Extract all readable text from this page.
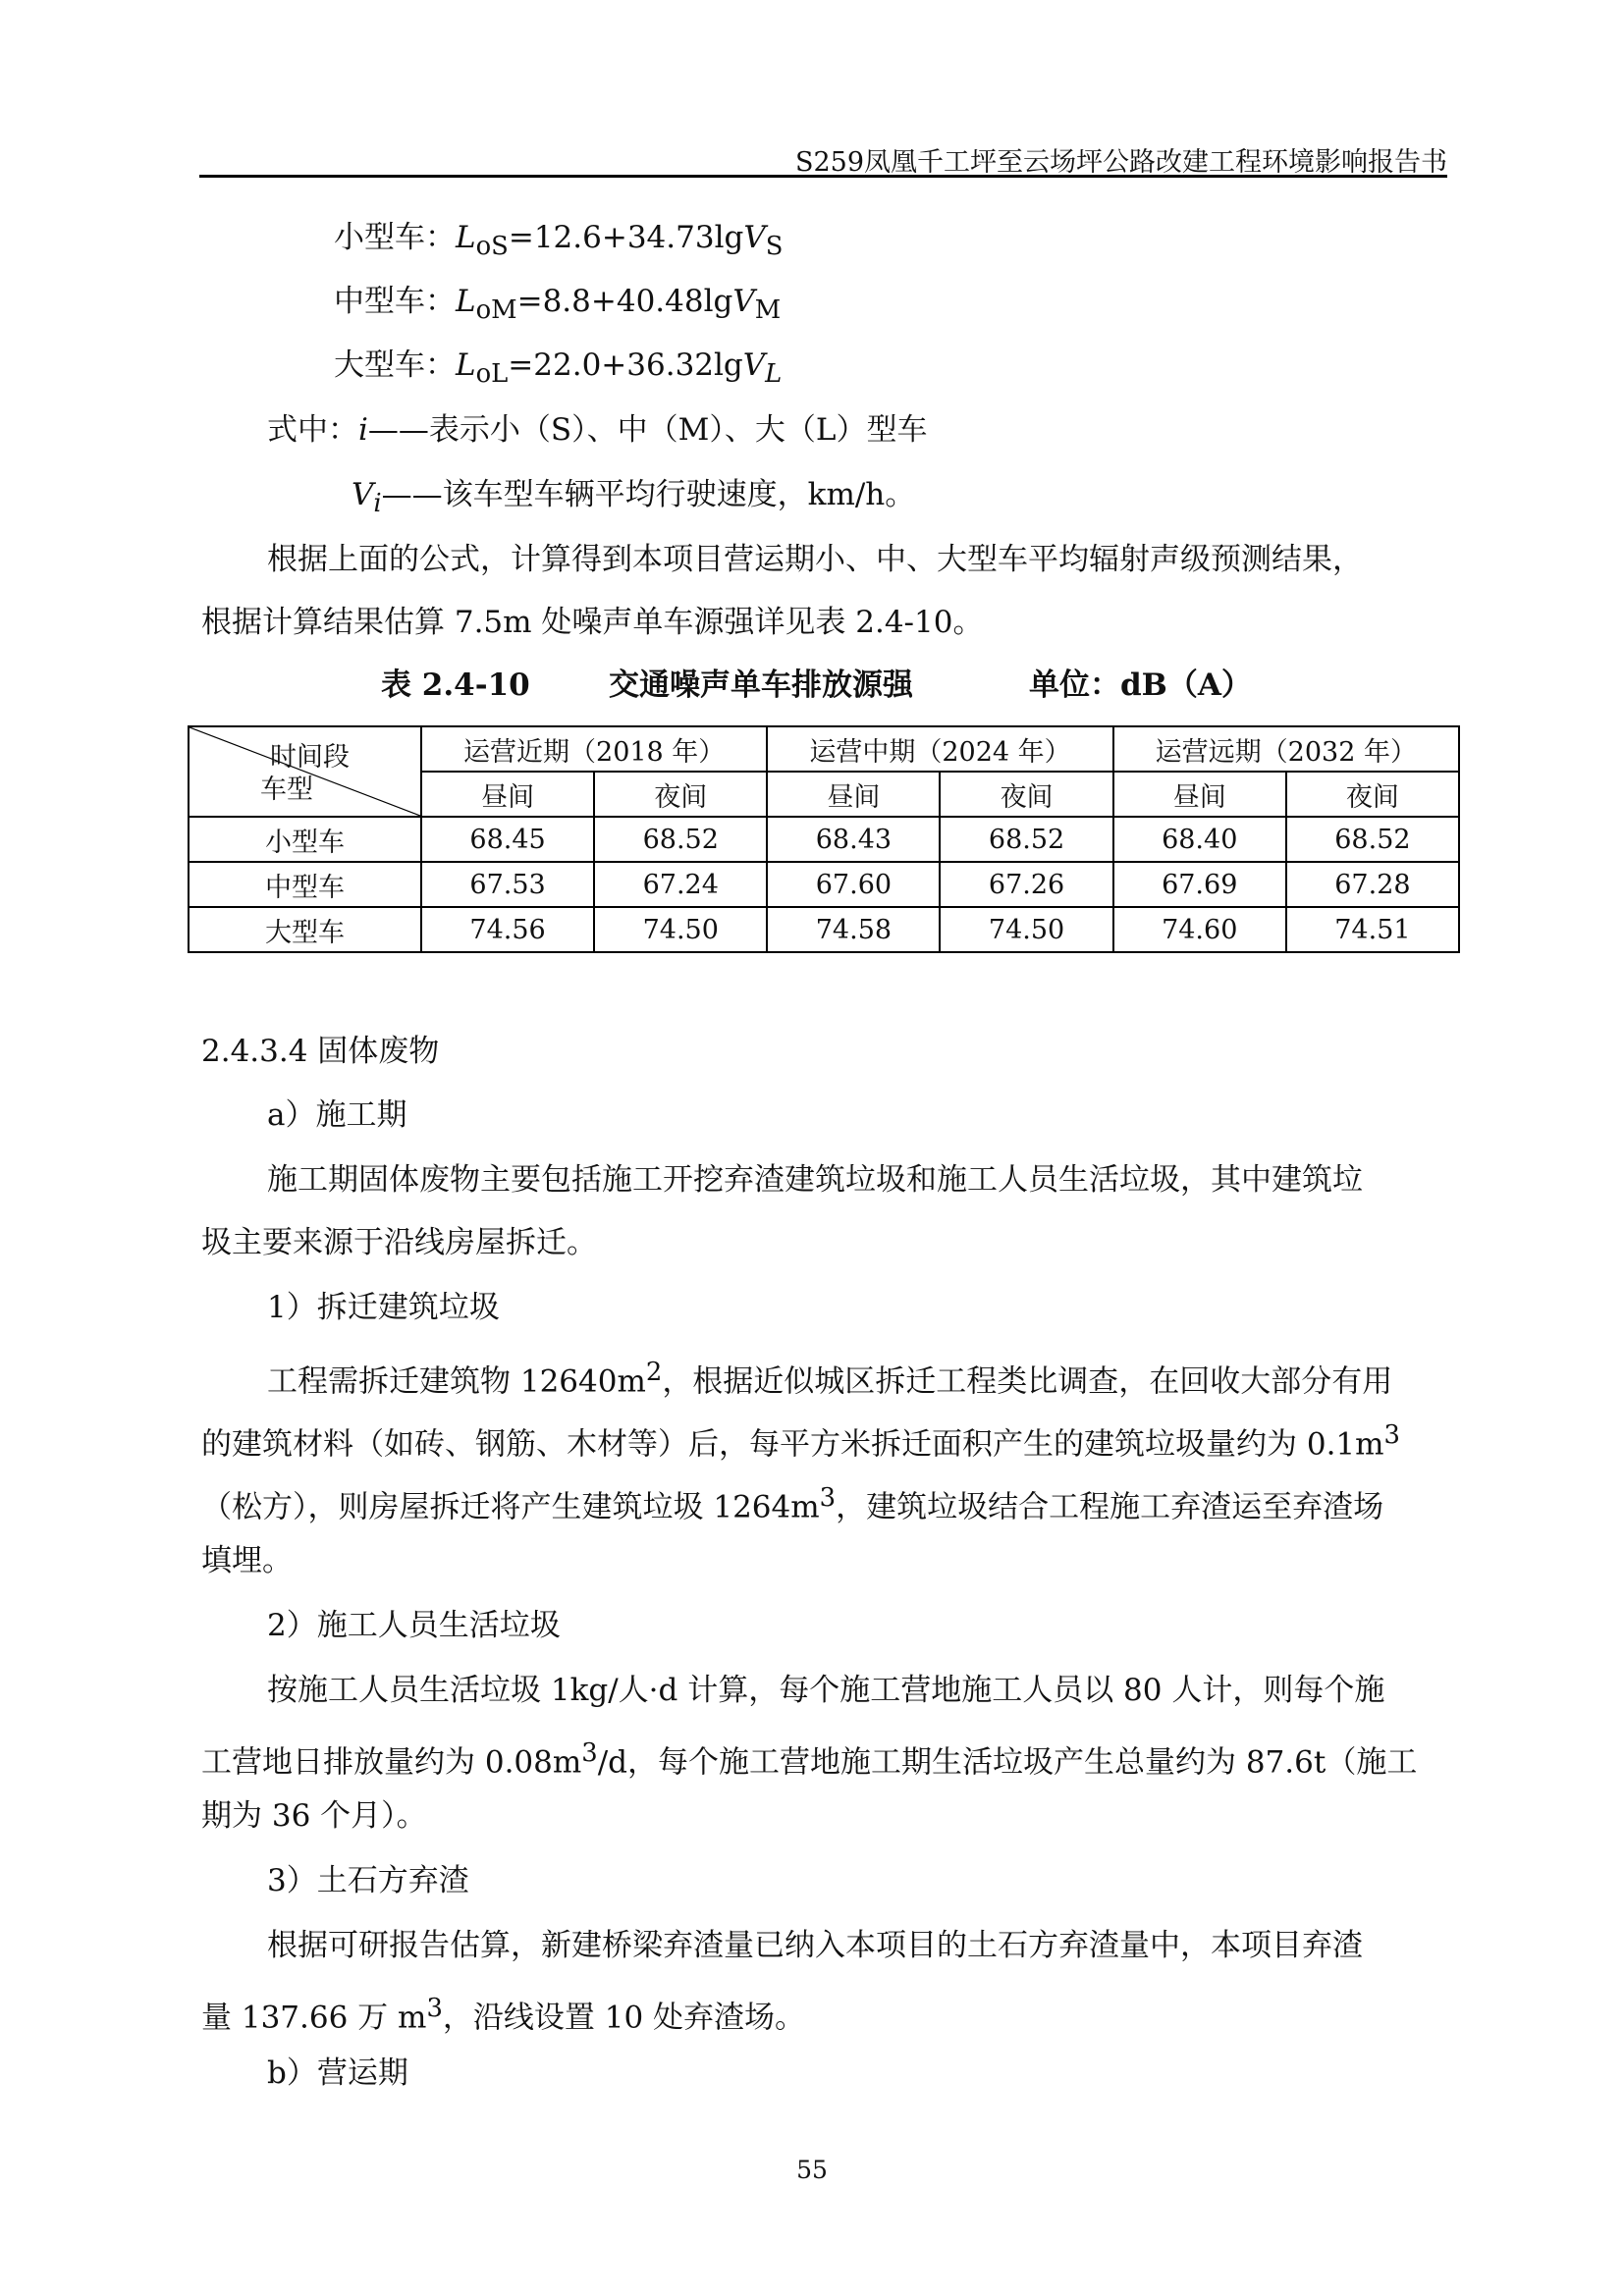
S259凤凰千工坪至云场坪公路改建工程环境影响报告书
小型车：$L_{oS}=12.6+34.73\lg V_S$
中型车：$L_{oM}=8.8+40.48\lg V_M$
大型车：$L_{oL}=22.0+36.32\lg V_L$
式中：i——表示小（S）、中（M）、大（L）型车
$V_i——$该车型车辆平均行驶速度，km/h。
根据上面的公式，计算得到本项目营运期小、中、大型车平均辐射声级预测结果，
根据计算结果估算 7.5m 处噪声单车源强详见表 2.4-10。
表 2.4-10	交通噪声单车排放源强	单位：dB（A）
时间段
车型	运营近期（2018 年）		运营中期（2024 年）		运营远期（2032 年）	
	昼间	夜间	昼间	夜间	昼间	夜间
小型车	68.45	68.52	68.43	68.52	68.40	68.52
中型车	67.53	67.24	67.60	67.26	67.69	67.28
大型车	74.56	74.50	74.58	74.50	74.60	74.51
2.4.3.4 固体废物
a）施工期
施工期固体废物主要包括施工开挖弃渣建筑垃圾和施工人员生活垃圾，其中建筑垃
圾主要来源于沿线房屋拆迁。
1）拆迁建筑垃圾
工程需拆迁建筑物 $12640m^2$，根据近似城区拆迁工程类比调查，在回收大部分有用
的建筑材料（如砖、钢筋、木材等）后，每平方米拆迁面积产生的建筑垃圾量约为 $0.1m^3$
（松方），则房屋拆迁将产生建筑垃圾 $1264m^3$，建筑垃圾结合工程施工弃渣运至弃渣场
填埋。
2）施工人员生活垃圾
按施工人员生活垃圾 1kg/人·d 计算，每个施工营地施工人员以 80 人计，则每个施
工营地日排放量约为 $0.08m^3/d$，每个施工营地施工期生活垃圾产生总量约为 87.6t（施工
期为 36 个月）。
3）土石方弃渣
根据可研报告估算，新建桥梁弃渣量已纳入本项目的土石方弃渣量中，本项目弃渣
量 137.66 万 $m^3$，沿线设置 10 处弃渣场。
b）营运期
55
